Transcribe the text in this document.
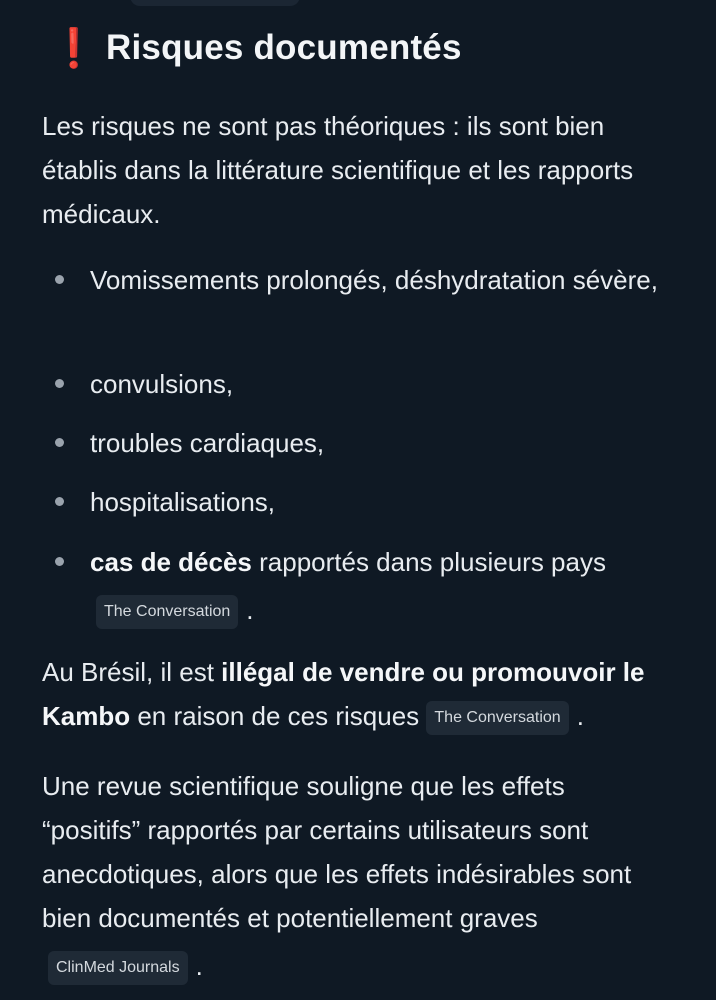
❗ Risques documentés

Les risques ne sont pas théoriques : ils sont bien établis dans la littérature scientifique et les rapports médicaux.

Vomissements prolongés, déshydratation sévère,
convulsions,
troubles cardiaques,
hospitalisations,
cas de décès rapportés dans plusieurs pays
The Conversation .

Au Brésil, il est illégal de vendre ou promouvoir le Kambo en raison de ces risques The Conversation .

Une revue scientifique souligne que les effets “positifs” rapportés par certains utilisateurs sont anecdotiques, alors que les effets indésirables sont bien documentés et potentiellement graves
ClinMed Journals .
